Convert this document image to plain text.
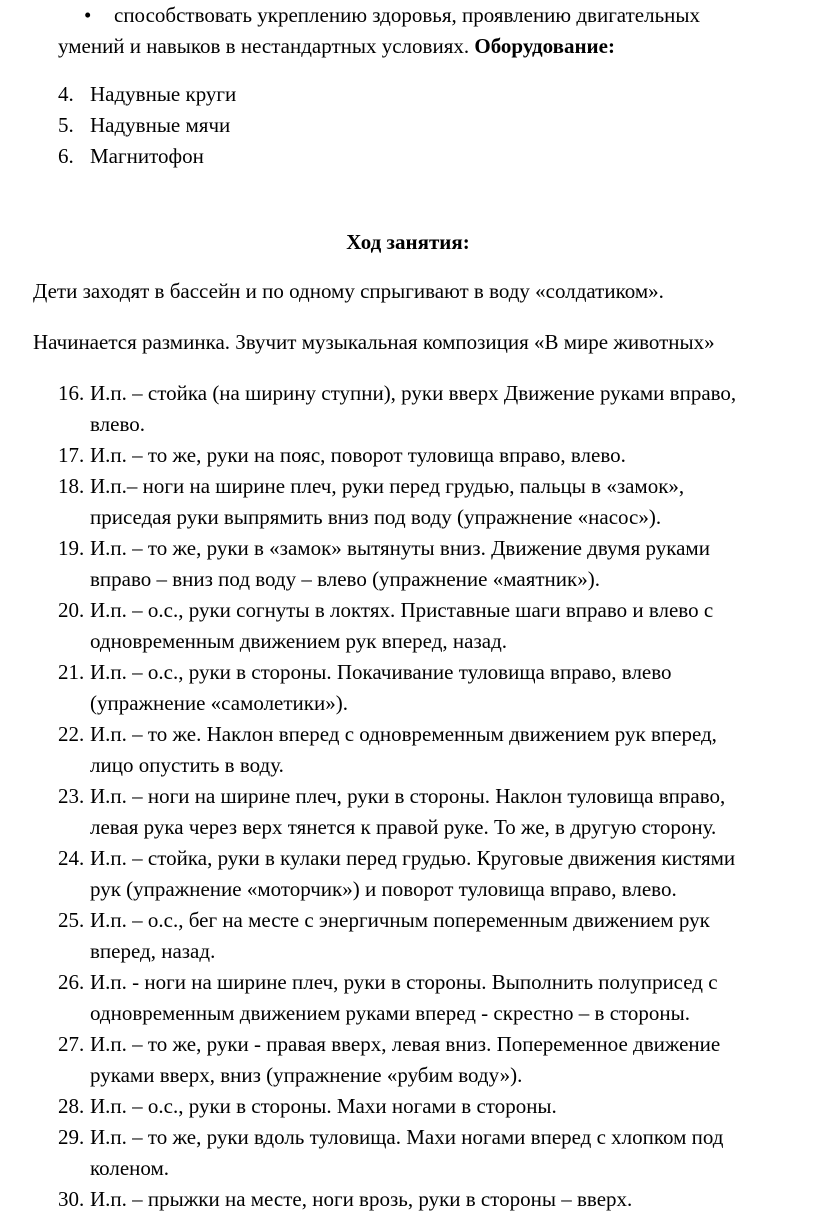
• способствовать укреплению здоровья, проявлению двигательных
умений и навыков в нестандартных условиях. Оборудование:
4. Надувные круги
5. Надувные мячи
6. Магнитофон
Ход занятия:
Дети заходят в бассейн и по одному спрыгивают в воду «солдатиком».
Начинается разминка. Звучит музыкальная композиция «В мире животных»
16. И.п. – стойка (на ширину ступни), руки вверх Движение руками вправо,
влево.
17. И.п. – то же, руки на пояс, поворот туловища вправо, влево.
18. И.п.– ноги на ширине плеч, руки перед грудью, пальцы в «замок»,
приседая руки выпрямить вниз под воду (упражнение «насос»).
19. И.п. – то же, руки в «замок» вытянуты вниз. Движение двумя руками
вправо – вниз под воду – влево (упражнение «маятник»).
20. И.п. – о.с., руки согнуты в локтях. Приставные шаги вправо и влево с
одновременным движением рук вперед, назад.
21. И.п. – о.с., руки в стороны. Покачивание туловища вправо, влево
(упражнение «самолетики»).
22. И.п. – то же. Наклон вперед с одновременным движением рук вперед,
лицо опустить в воду.
23. И.п. – ноги на ширине плеч, руки в стороны. Наклон туловища вправо,
левая рука через верх тянется к правой руке. То же, в другую сторону.
24. И.п. – стойка, руки в кулаки перед грудью. Круговые движения кистями
рук (упражнение «моторчик») и поворот туловища вправо, влево.
25. И.п. – о.с., бег на месте с энергичным попеременным движением рук
вперед, назад.
26. И.п. - ноги на ширине плеч, руки в стороны. Выполнить полуприсед с
одновременным движением руками вперед - скрестно – в стороны.
27. И.п. – то же, руки - правая вверх, левая вниз. Попеременное движение
руками вверх, вниз (упражнение «рубим воду»).
28. И.п. – о.с., руки в стороны. Махи ногами в стороны.
29. И.п. – то же, руки вдоль туловища. Махи ногами вперед с хлопком под
коленом.
30. И.п. – прыжки на месте, ноги врозь, руки в стороны – вверх.
